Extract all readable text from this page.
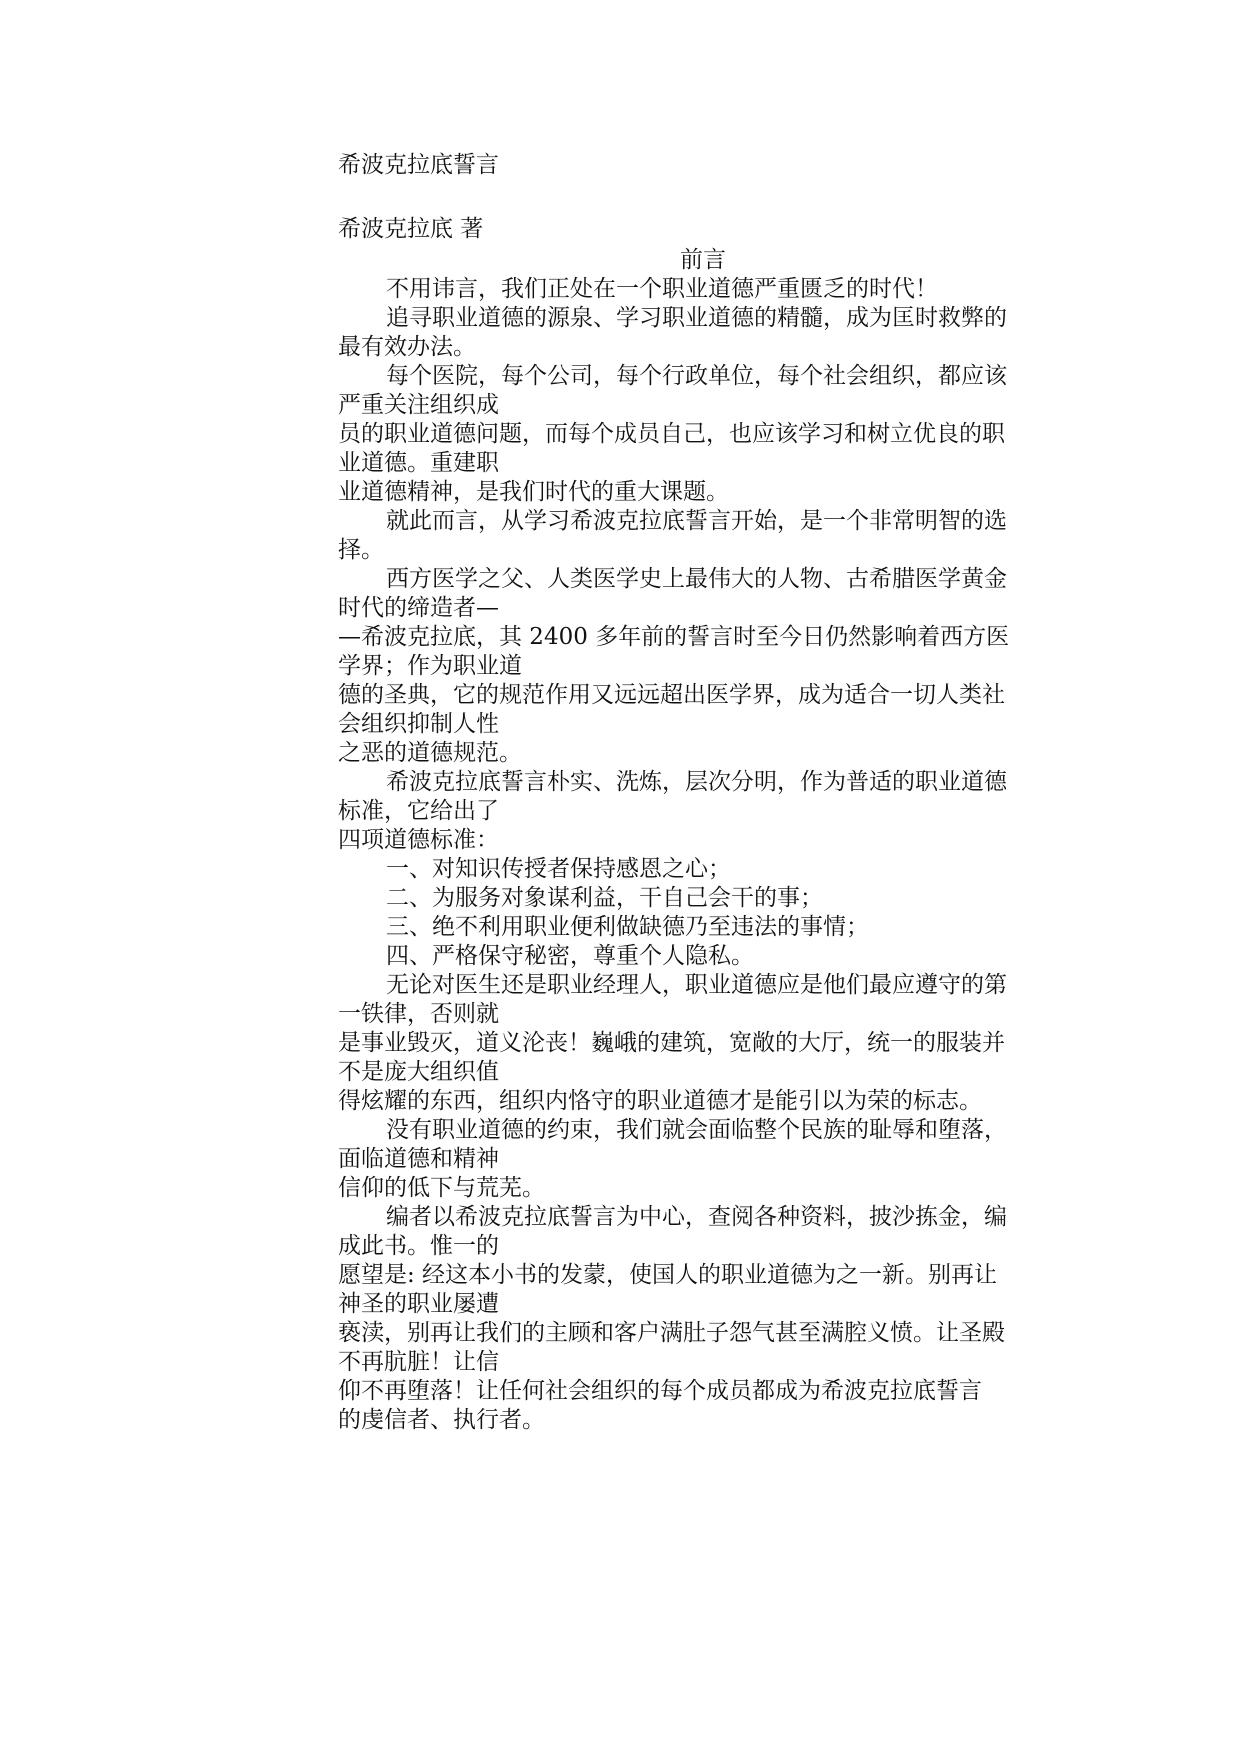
希波克拉底誓言
希波克拉底 著
前言
不用讳言，我们正处在一个职业道德严重匮乏的时代！
追寻职业道德的源泉、学习职业道德的精髓，成为匡时救弊的
最有效办法。
每个医院，每个公司，每个行政单位，每个社会组织，都应该
严重关注组织成
员的职业道德问题，而每个成员自己，也应该学习和树立优良的职
业道德。重建职
业道德精神，是我们时代的重大课题。
就此而言，从学习希波克拉底誓言开始，是一个非常明智的选
择。
西方医学之父、人类医学史上最伟大的人物、古希腊医学黄金
时代的缔造者—
—希波克拉底，其 2400 多年前的誓言时至今日仍然影响着西方医
学界；作为职业道
德的圣典，它的规范作用又远远超出医学界，成为适合一切人类社
会组织抑制人性
之恶的道德规范。
希波克拉底誓言朴实、洗炼，层次分明，作为普适的职业道德
标准，它给出了
四项道德标准：
一、对知识传授者保持感恩之心；
二、为服务对象谋利益，干自己会干的事；
三、绝不利用职业便利做缺德乃至违法的事情；
四、严格保守秘密，尊重个人隐私。
无论对医生还是职业经理人，职业道德应是他们最应遵守的第
一铁律，否则就
是事业毁灭，道义沦丧！巍峨的建筑，宽敞的大厅，统一的服装并
不是庞大组织值
得炫耀的东西，组织内恪守的职业道德才是能引以为荣的标志。
没有职业道德的约束，我们就会面临整个民族的耻辱和堕落，
面临道德和精神
信仰的低下与荒芜。
编者以希波克拉底誓言为中心，查阅各种资料，披沙拣金，编
成此书。惟一的
愿望是: 经这本小书的发蒙，使国人的职业道德为之一新。别再让
神圣的职业屡遭
亵渎，别再让我们的主顾和客户满肚子怨气甚至满腔义愤。让圣殿
不再肮脏！让信
仰不再堕落！让任何社会组织的每个成员都成为希波克拉底誓言
的虔信者、执行者。
